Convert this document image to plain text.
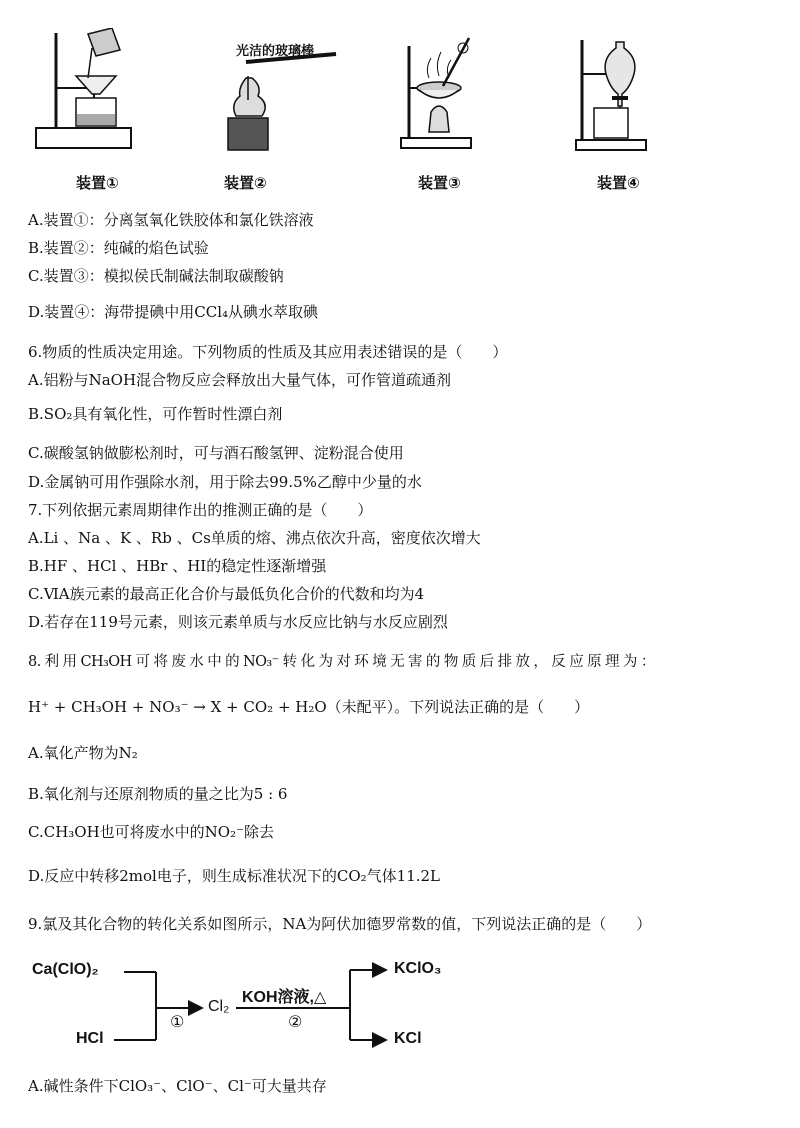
装置①
光洁的玻璃棒
装置②	装置③	装置④
A.装置①：分离氢氧化铁胶体和氯化铁溶液
B.装置②：纯碱的焰色试验
C.装置③：模拟侯氏制碱法制取碳酸钠
D.装置④：海带提碘中用CCl₄从碘水萃取碘
6.物质的性质决定用途。下列物质的性质及其应用表述错误的是（　　）
A.铝粉与NaOH混合物反应会释放出大量气体，可作管道疏通剂
B.SO₂具有氧化性，可作暂时性漂白剂
C.碳酸氢钠做膨松剂时，可与酒石酸氢钾、淀粉混合使用
D.金属钠可用作强除水剂，用于除去99.5%乙醇中少量的水
7.下列依据元素周期律作出的推测正确的是（　　）
A.Li 、Na 、K 、Rb 、Cs单质的熔、沸点依次升高，密度依次增大
B.HF 、HCl 、HBr 、HI的稳定性逐渐增强
C.ⅥA族元素的最高正化合价与最低负化合价的代数和均为4
D.若存在119号元素，则该元素单质与水反应比钠与水反应剧烈
8. 利 用 CH₃OH 可 将 废 水 中 的 NO₃⁻ 转 化 为 对 环 境 无 害 的 物 质 后 排 放 ， 反 应 原 理 为 ：
H⁺ + CH₃OH + NO₃⁻ → X + CO₂ + H₂O（未配平）。下列说法正确的是（　　）
A.氧化产物为N₂
B.氧化剂与还原剂物质的量之比为5 : 6
C.CH₃OH也可将废水中的NO₂⁻除去
D.反应中转移2mol电子，则生成标准状况下的CO₂气体11.2L
9.氯及其化合物的转化关系如图所示，NA为阿伏加德罗常数的值，下列说法正确的是（　　）
Ca(ClO)₂
HCl
①
Cl₂
KOH溶液,△
②
KClO₃
KCl
A.碱性条件下ClO₃⁻、ClO⁻、Cl⁻可大量共存
